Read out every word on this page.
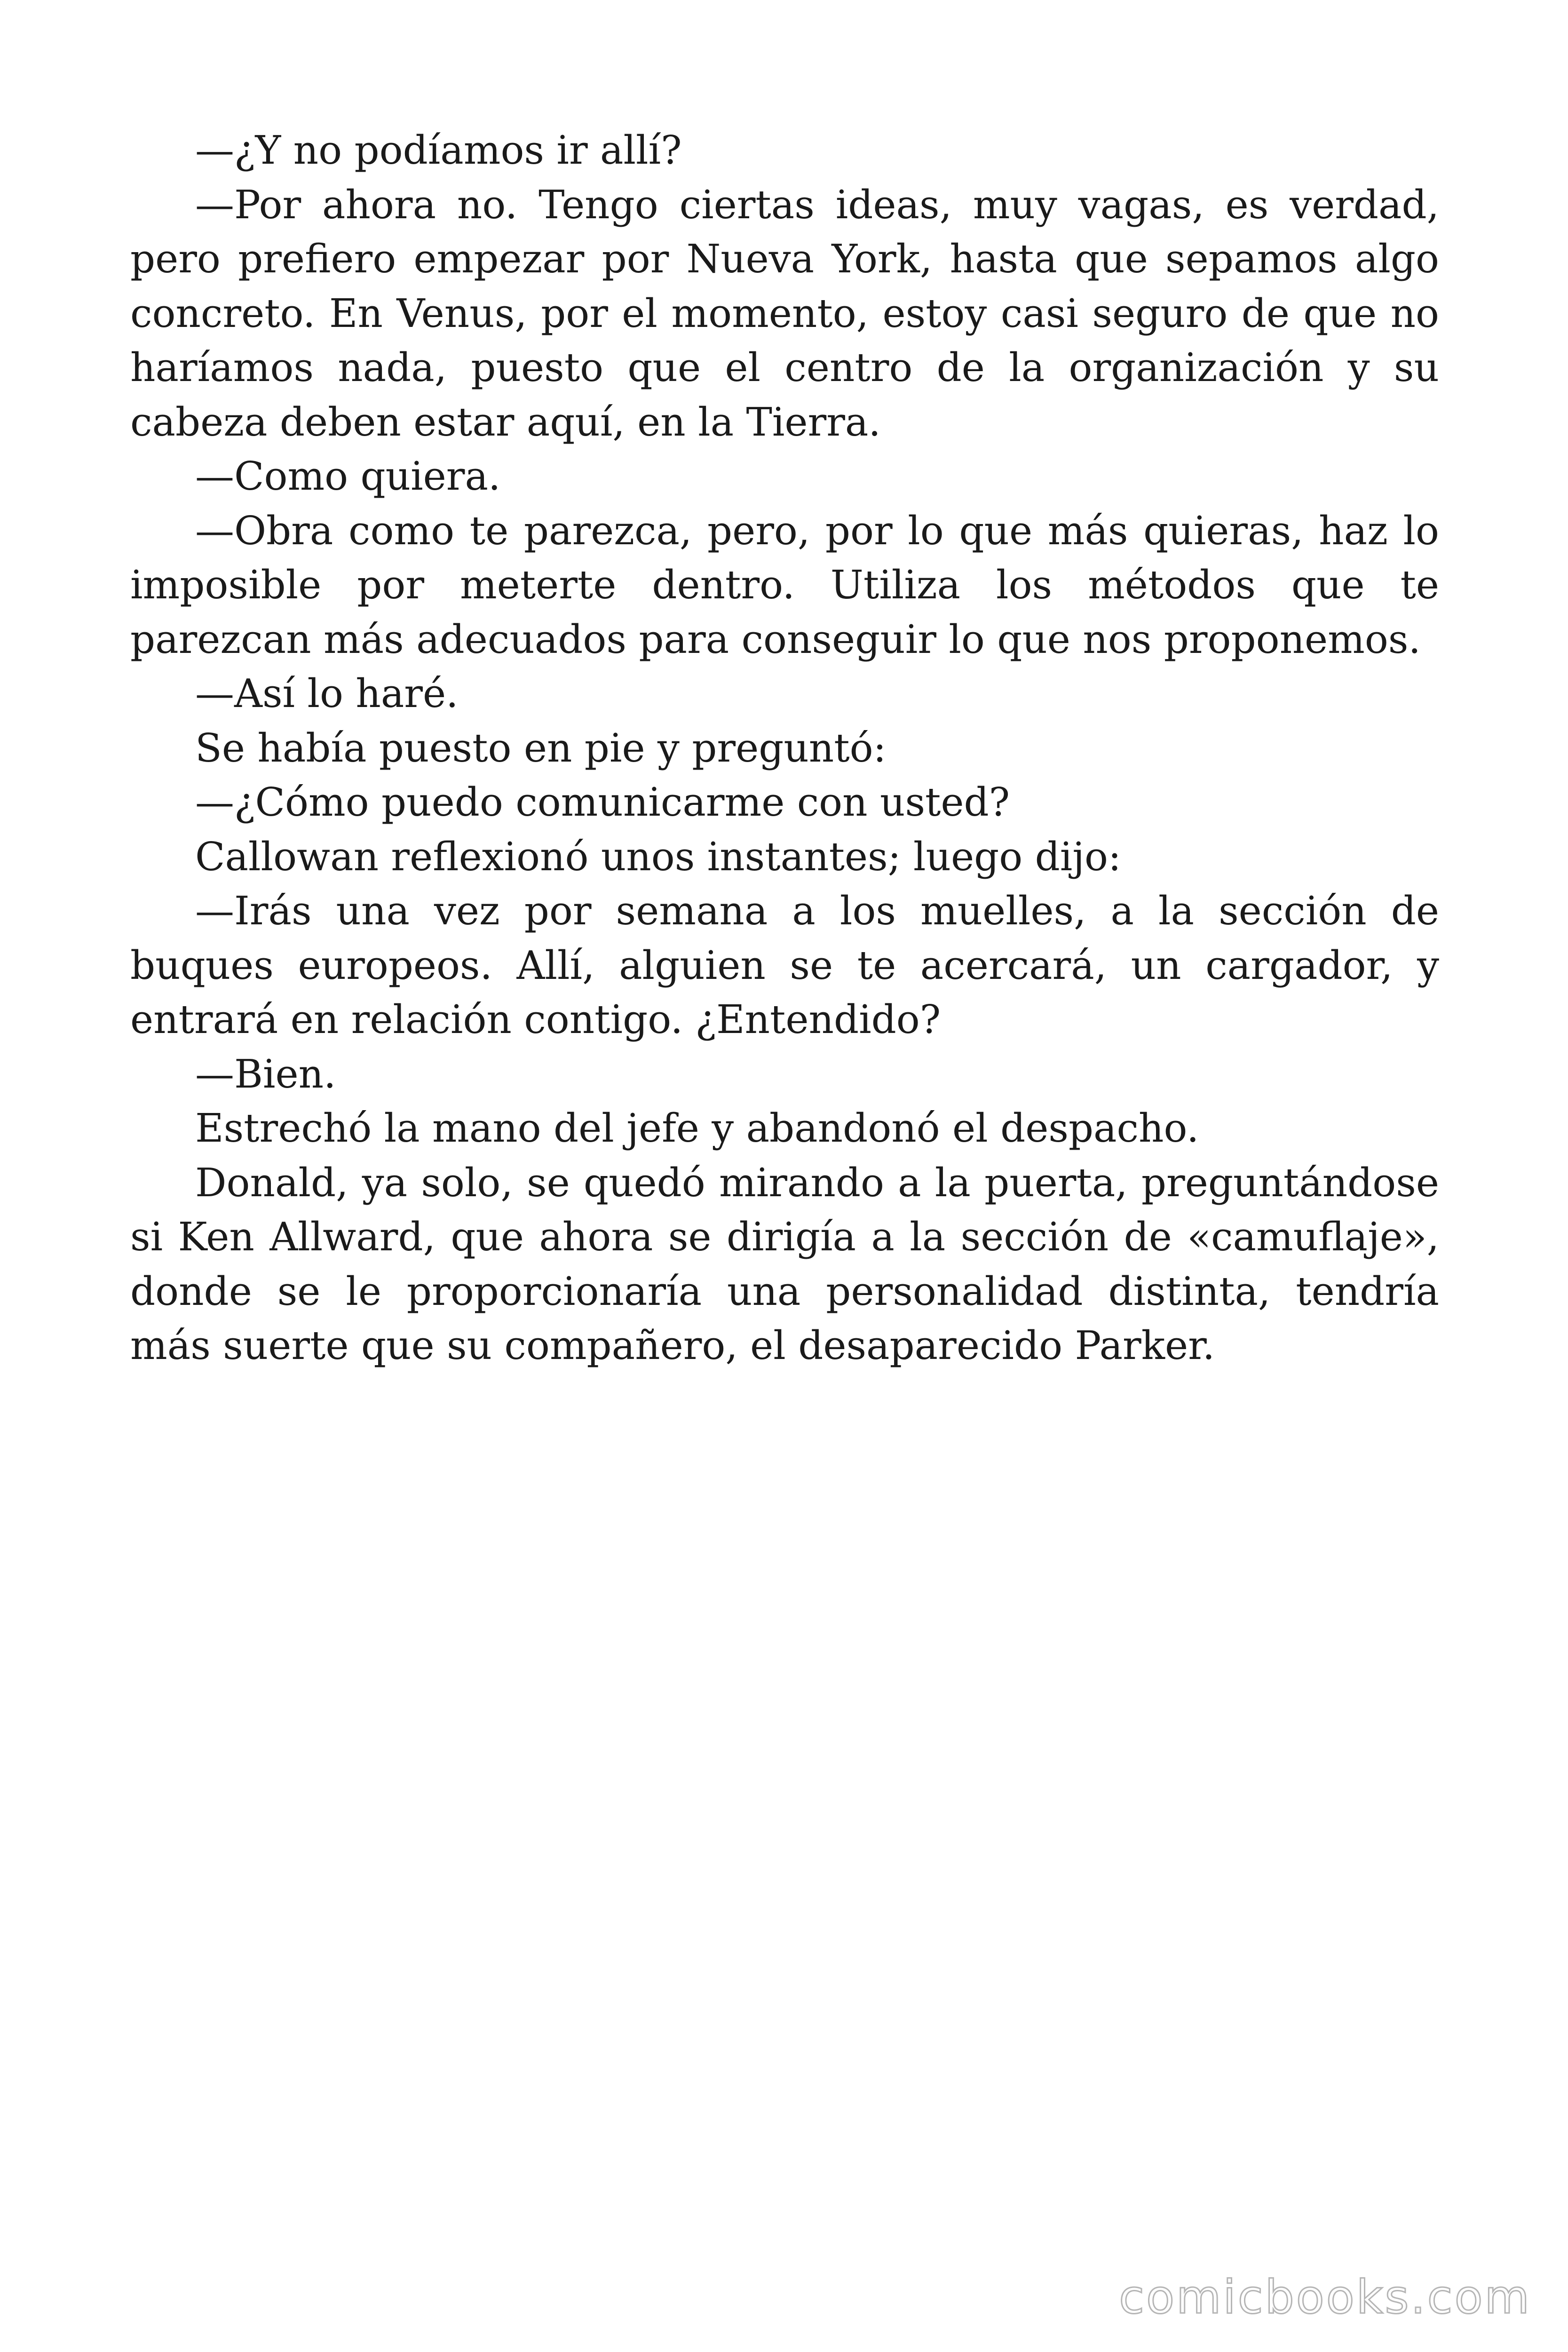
—¿Y no podíamos ir allí?

—Por ahora no. Tengo ciertas ideas, muy vagas, es verdad, pero prefiero empezar por Nueva York, hasta que sepamos algo concreto. En Venus, por el momento, estoy casi seguro de que no haríamos nada, puesto que el centro de la organización y su cabeza deben estar aquí, en la Tierra.

—Como quiera.

—Obra como te parezca, pero, por lo que más quieras, haz lo imposible por meterte dentro. Utiliza los métodos que te parezcan más adecuados para conseguir lo que nos proponemos.

—Así lo haré.

Se había puesto en pie y preguntó:

—¿Cómo puedo comunicarme con usted?

Callowan reflexionó unos instantes; luego dijo:

—Irás una vez por semana a los muelles, a la sección de buques europeos. Allí, alguien se te acercará, un cargador, y entrará en relación contigo. ¿Entendido?

—Bien.

Estrechó la mano del jefe y abandonó el despacho.

Donald, ya solo, se quedó mirando a la puerta, preguntándose si Ken Allward, que ahora se dirigía a la sección de «camuflaje», donde se le proporcionaría una personalidad distinta, tendría más suerte que su compañero, el desaparecido Parker.

comicbooks.com
